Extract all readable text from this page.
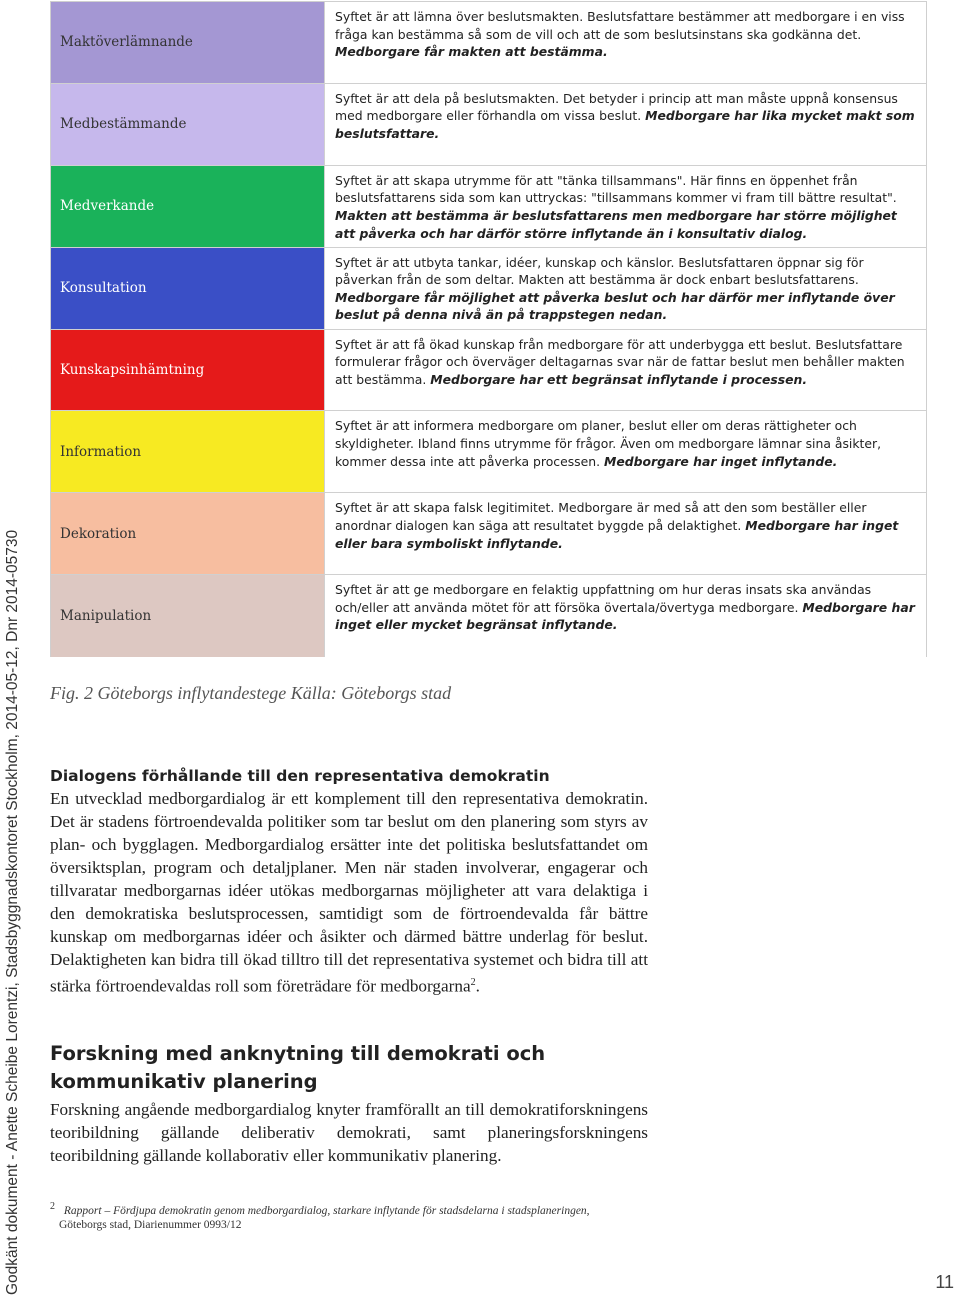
Godkänt dokument - Anette Scheibe Lorentzi, Stadsbyggnadskontoret Stockholm, 2014-05-12, Dnr 2014-05730
Maktöverlämnande
Syftet är att lämna över beslutsmakten. Beslutsfattare bestämmer att medborgare i en viss fråga kan bestämma så som de vill och att de som beslutsinstans ska godkänna det. Medborgare får makten att bestämma.
Medbestämmande
Syftet är att dela på beslutsmakten. Det betyder i princip att man måste uppnå konsensus med medborgare eller förhandla om vissa beslut. Medborgare har lika mycket makt som beslutsfattare.
Medverkande
Syftet är att skapa utrymme för att "tänka tillsammans". Här finns en öppenhet från beslutsfattarens sida som kan uttryckas: "tillsammans kommer vi fram till bättre resultat". Makten att bestämma är beslutsfattarens men medborgare har större möjlighet att påverka och har därför större inflytande än i konsultativ dialog.
Konsultation
Syftet är att utbyta tankar, idéer, kunskap och känslor. Beslutsfattaren öppnar sig för påverkan från de som deltar. Makten att bestämma är dock enbart beslutsfattarens. Medborgare får möjlighet att påverka beslut och har därför mer inflytande över beslut på denna nivå än på trappstegen nedan.
Kunskapsinhämtning
Syftet är att få ökad kunskap från medborgare för att underbygga ett beslut. Beslutsfattare formulerar frågor och överväger deltagarnas svar när de fattar beslut men behåller makten att bestämma. Medborgare har ett begränsat inflytande i processen.
Information
Syftet är att informera medborgare om planer, beslut eller om deras rättigheter och skyldigheter. Ibland finns utrymme för frågor. Även om medborgare lämnar sina åsikter, kommer dessa inte att påverka processen. Medborgare har inget inflytande.
Dekoration
Syftet är att skapa falsk legitimitet. Medborgare är med så att den som beställer eller anordnar dialogen kan säga att resultatet byggde på delaktighet. Medborgare har inget eller bara symboliskt inflytande.
Manipulation
Syftet är att ge medborgare en felaktig uppfattning om hur deras insats ska användas och/eller att använda mötet för att försöka övertala/övertyga medborgare. Medborgare har inget eller mycket begränsat inflytande.
Fig. 2 Göteborgs inflytandestege Källa: Göteborgs stad
Dialogens förhållande till den representativa demokratin

En utvecklad medborgardialog är ett komplement till den representativa demokratin. Det är stadens förtroendevalda politiker som tar beslut om den planering som styrs av plan- och bygglagen. Medborgardialog ersätter inte det politiska beslutsfattandet om översiktsplan, program och detaljplaner. Men när staden involverar, engagerar och tillvaratar medborgarnas idéer utökas medborgarnas möjligheter att vara delaktiga i den demokratiska beslutsprocessen, samtidigt som de förtroendevalda får bättre kunskap om medborgarnas idéer och åsikter och därmed bättre underlag för beslut. Delaktigheten kan bidra till ökad tilltro till det representativa systemet och bidra till att stärka förtroendevaldas roll som företrädare för medborgarna$^2$.

Forskning med anknytning till demokrati och kommunikativ planering

Forskning angående medborgardialog knyter framförallt an till demokratiforskningens teoribildning gällande deliberativ demokrati, samt planeringsforskningens teoribildning gällande kollaborativ eller kommunikativ planering.

$^2$ Rapport – Fördjupa demokratin genom medborgardialog, starkare inflytande för stadsdelarna i stadsplaneringen,
Göteborgs stad, Diarienummer 0993/12
11
